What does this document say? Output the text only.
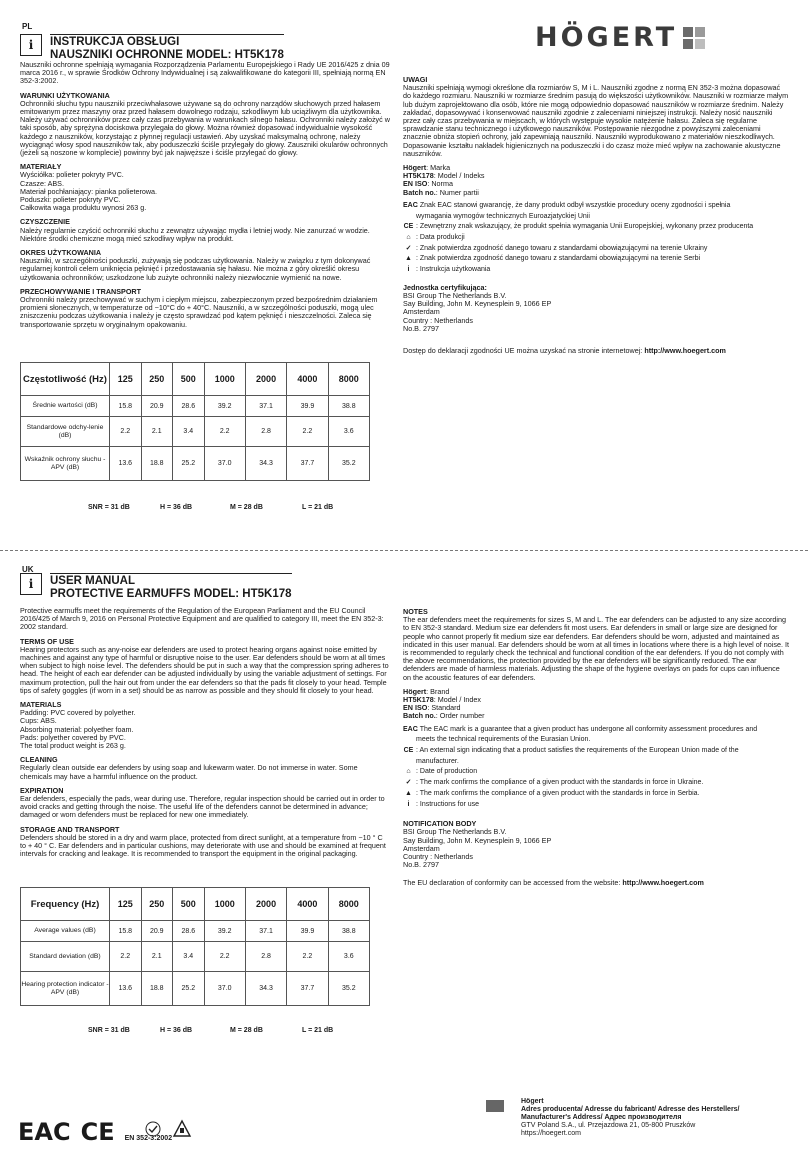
PL	HÖGERT
i	INSTRUKCJA OBSŁUGI
NAUSZNIKI OCHRONNE MODEL: HT5K178
Nauszniki ochronne spełniają wymagania Rozporządzenia Parlamentu Europejskiego i Rady UE 2016/425 z dnia 09 marca 2016 r., w sprawie Środków Ochrony Indywidualnej i są zakwalifikowane do kategorii III, spełniają normą EN 352-3:2002.
WARUNKI UŻYTKOWANIA
Ochronniki słuchu typu nauszniki przeciwhałasowe używane są do ochrony narządów słuchowych przed hałasem emitowanym przez maszyny oraz przed hałasem dowolnego rodzaju, szkodliwym lub uciążliwym dla użytkownika. Należy używać ochronników przez cały czas przebywania w warunkach silnego hałasu. Ochronniki należy założyć w taki sposób, aby sprężyna dociskowa przylegała do głowy. Można również dopasować indywidualnie wysokość każdego z nauszników, korzystając z płynnej regulacji ustawień. Aby uzyskać maksymalną ochronę, należy wyciągnąć włosy spod nauszników tak, aby poduszeczki ściśle przylegały do głowy. Zauszniki okularów ochronnych (jeżeli są noszone w komplecie) powinny być jak najwęższe i ściśle przylegać do głowy.
MATERIAŁY
Wyściółka: polieter pokryty PVC.
Czasze: ABS.
Materiał pochłaniający: pianka polieterowa.
Poduszki: polieter pokryty PVC.
Całkowita waga produktu wynosi 263 g.
CZYSZCZENIE
Należy regularnie czyścić ochronniki słuchu z zewnątrz używając mydła i letniej wody. Nie zanurzać w wodzie. Niektóre środki chemiczne mogą mieć szkodliwy wpływ na produkt.
OKRES UŻYTKOWANIA
Nauszniki, w szczególności poduszki, zużywają się podczas użytkowania. Należy w związku z tym dokonywać regularnej kontroli celem uniknięcia pęknięć i przedostawania się hałasu. Nie można z góry określić okresu użytkowania ochronników; uszkodzone lub zużyte ochronniki należy niezwłocznie wymienić na nowe.
PRZECHOWYWANIE I TRANSPORT
Ochronniki należy przechowywać w suchym i ciepłym miejscu, zabezpieczonym przed bezpośrednim działaniem promieni słonecznych, w temperaturze od −10°C do + 40°C. Nauszniki, a w szczególności poduszki, mogą ulec zniszczeniu podczas użytkowania i należy je często sprawdzać pod kątem pęknięć i nieszczelności. Zaleca się transportowanie sprzętu w oryginalnym opakowaniu.
Częstotliwość (Hz)	125	250	500	1000	2000	4000	8000
Średnie wartości (dB)	15.8	20.9	28.6	39.2	37.1	39.9	38.8
Standardowe odchy-lenie (dB)	2.2	2.1	3.4	2.2	2.8	2.2	3.6
Wskaźnik ochrony słuchu - APV (dB)	13.6	18.8	25.2	37.0	34.3	37.7	35.2
SNR = 31 dB	H = 36 dB	M = 28 dB	L = 21 dB
UWAGI
Nauszniki spełniają wymogi określone dla rozmiarów S, M i L. Nauszniki zgodne z normą EN 352-3 można dopasować do każdego rozmiaru. Nauszniki w rozmiarze średnim pasują do większości użytkowników. Nauszniki w rozmiarze małym lub dużym zaprojektowano dla osób, które nie mogą odpowiednio dopasować nauszników w rozmiarze średnim. Należy zakładać, dopasowywać i konserwować nauszniki zgodnie z zaleceniami niniejszej instrukcji. Należy nosić nauszniki przez cały czas przebywania w miejscach, w których występuje wysokie natężenie hałasu. Zaleca się regularne sprawdzanie stanu technicznego i użytkowego nauszników. Postępowanie niezgodne z powyższymi zaleceniami znacznie obniża stopień ochrony, jaki zapewniają nauszniki. Nauszniki wyprodukowano z materiałów nieszkodliwych. Dopasowanie kształtu nakładek higienicznych na poduszeczki i do czasz może mieć wpływ na zachowanie akustyczne nauszników.
Högert: Marka
HT5K178: Model / Indeks
EN ISO: Norma
Batch no.: Numer partii
EAC
: Znak EAC stanowi gwarancję, że dany produkt odbył wszystkie procedury oceny zgodności i spełnia wymagania wymogów technicznych Euroazjatyckiej Unii
CE : Zewnętrzny znak wskazujący, że produkt spełnia wymagania Unii Europejskiej, wykonany przez producenta
⌂ : Data produkcji
✓ : Znak potwierdza zgodność danego towaru z standardami obowiązującymi na terenie Ukrainy
▲ : Znak potwierdza zgodność danego towaru z standardami obowiązującymi na terenie Serbi
i : Instrukcja użytkowania
Jednostka certyfikująca:
BSI Group The Netherlands B.V.
Say Building, John M. Keynesplein 9, 1066 EP
Amsterdam
Country : Netherlands
No.B. 2797
Dostęp do deklaracji zgodności UE można uzyskać na stronie internetowej: http://www.hoegert.com
UK
i	USER MANUAL
PROTECTIVE EARMUFFS MODEL: HT5K178
Protective earmuffs meet the requirements of the Regulation of the European Parliament and the EU Council 2016/425 of March 9, 2016 on Personal Protective Equipment and are qualified to category III, meet the EN 352-3: 2002 standard.
TERMS OF USE
Hearing protectors such as any-noise ear defenders are used to protect hearing organs against noise emitted by machines and against any type of harmful or disruptive noise to the user. Ear defenders should be worn at all times when subject to high noise level. The defenders should be put in such a way that the compression spring adheres to head. The height of each ear defender can be adjusted individually by using the variable adjustment of settings. For maximum protection, pull the hair out from under the ear defenders so that the pads fit closely to your head. Temple tips of safety goggles (if worn in a set) should be as narrow as possible and they should fit closely to your head.
MATERIALS
Padding: PVC covered by polyether.
Cups: ABS.
Absorbing material: polyether foam.
Pads: polyether covered by PVC.
The total product weight is 263 g.
CLEANING
Regularly clean outside ear defenders by using soap and lukewarm water. Do not immerse in water. Some chemicals may have a harmful influence on the product.
EXPIRATION
Ear defenders, especially the pads, wear during use. Therefore, regular inspection should be carried out in order to avoid cracks and getting through the noise. The useful life of the defenders cannot be determined in advance; damaged or worn defenders must be replaced for new one immediately.
STORAGE AND TRANSPORT
Defenders should be stored in a dry and warm place, protected from direct sunlight, at a temperature from −10 ° C to + 40 ° C. Ear defenders and in particular cushions, may deteriorate with use and should be examined at frequent intervals for cracking and leakage. It is recommended to transport the equipment in the original packaging.
Frequency (Hz)	125	250	500	1000	2000	4000	8000
Average values (dB)	15.8	20.9	28.6	39.2	37.1	39.9	38.8
Standard deviation (dB)	2.2	2.1	3.4	2.2	2.8	2.2	3.6
Hearing protection indicator - APV (dB)	13.6	18.8	25.2	37.0	34.3	37.7	35.2
SNR = 31 dB	H = 36 dB	M = 28 dB	L = 21 dB
NOTES
The ear defenders meet the requirements for sizes S, M and L. The ear defenders can be adjusted to any size according to EN 352-3 standard. Medium size ear defenders fit most users. Ear defenders in small or large size are designed for people who cannot properly fit medium size ear defenders. Ear defenders should be worn, adjusted and maintained as indicated in this user manual. Ear defenders should be worn at all times in locations where there is a high level of noise. It is recommended to regularly check the technical and functional condition of the ear defenders. If you do not comply with the above recommendations, the protection provided by the ear defenders will be significantly reduced. The ear defenders are made of harmless materials. Adjusting the shape of the hygiene overlays on pads for cups can influence on the acoustic features of ear defenders.
Högert: Brand
HT5K178: Model / Index
EN ISO: Standard
Batch no.: Order number
EAC
: The EAC mark is a guarantee that a given product has undergone all conformity assessment procedures and meets the technical requirements of the Eurasian Union.
CE : An external sign indicating that a product satisfies the requirements of the European Union made of the manufacturer.
⌂ : Date of production
✓ : The mark confirms the compliance of a given product with the standards in force in Ukraine.
▲ : The mark confirms the compliance of a given product with the standards in force in Serbia.
i : Instructions for use
NOTIFICATION BODY
BSI Group The Netherlands B.V.
Say Building, John M. Keynesplein 9, 1066 EP
Amsterdam
Country : Netherlands
No.B. 2797
The EU declaration of conformity can be accessed from the website: http://www.hoegert.com
EAC CE EN 352-3:2002
Högert
Adres producenta/ Adresse du fabricant/ Adresse des Herstellers/
Manufacturer's Address/ Адрес производителя
GTV Poland S.A., ul. Przejazdowa 21, 05-800 Pruszków
https://hoegert.com
